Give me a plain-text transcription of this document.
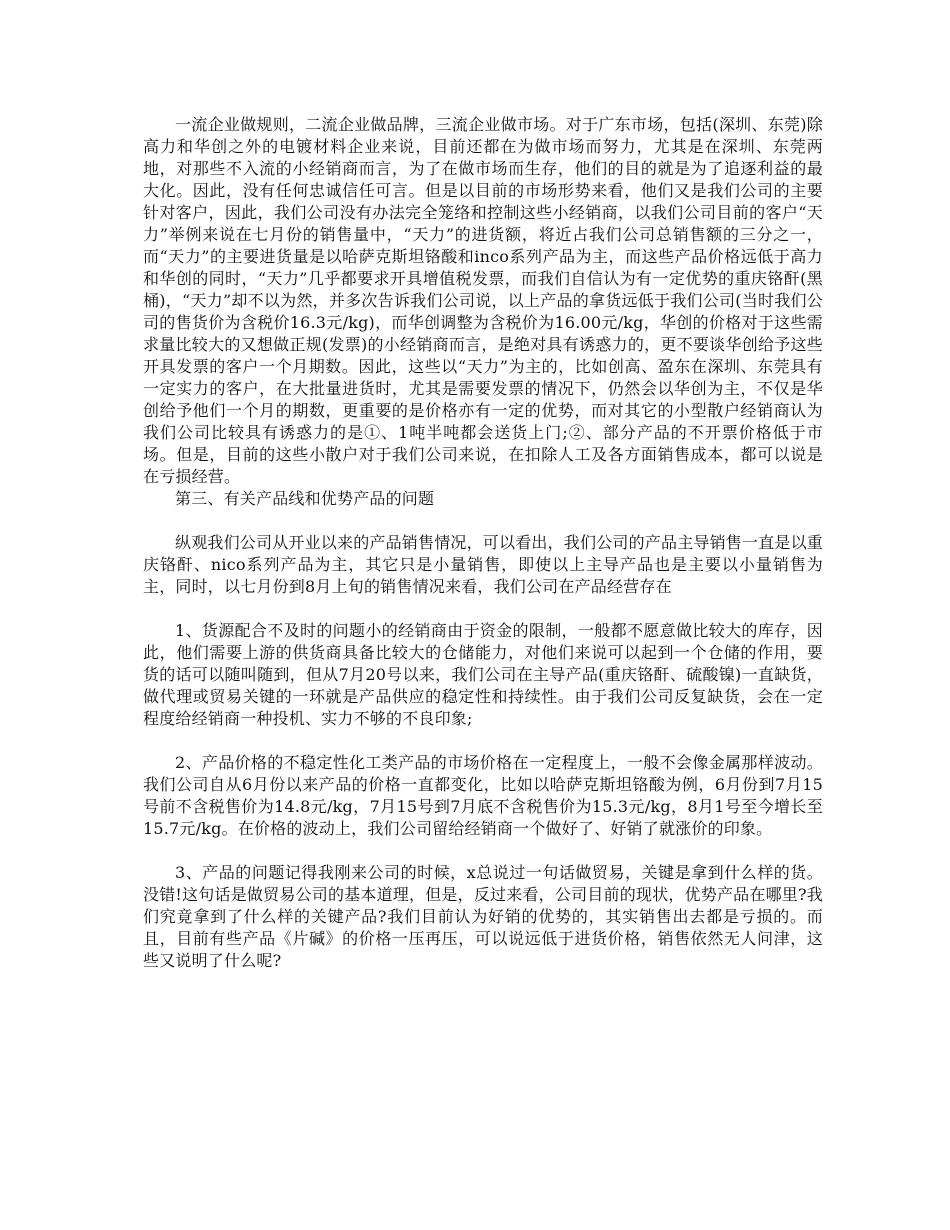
一流企业做规则，二流企业做品牌，三流企业做市场。对于广东市场，包括(深圳、东莞)除高力和华创之外的电镀材料企业来说，目前还都在为做市场而努力，尤其是在深圳、东莞两地，对那些不入流的小经销商而言，为了在做市场而生存，他们的目的就是为了追逐利益的最大化。因此，没有任何忠诚信任可言。但是以目前的市场形势来看，他们又是我们公司的主要针对客户，因此，我们公司没有办法完全笼络和控制这些小经销商，以我们公司目前的客户“天力”举例来说在七月份的销售量中，“天力”的进货额，将近占我们公司总销售额的三分之一，而“天力”的主要进货量是以哈萨克斯坦铬酸和inco系列产品为主，而这些产品价格远低于高力和华创的同时，“天力”几乎都要求开具增值税发票，而我们自信认为有一定优势的重庆铬酐(黑桶)，“天力”却不以为然，并多次告诉我们公司说，以上产品的拿货远低于我们公司(当时我们公司的售货价为含税价16.3元/kg)，而华创调整为含税价为16.00元/kg，华创的价格对于这些需求量比较大的又想做正规(发票)的小经销商而言，是绝对具有诱惑力的，更不要谈华创给予这些开具发票的客户一个月期数。因此，这些以“天力”为主的，比如创高、盈东在深圳、东莞具有一定实力的客户，在大批量进货时，尤其是需要发票的情况下，仍然会以华创为主，不仅是华创给予他们一个月的期数，更重要的是价格亦有一定的优势，而对其它的小型散户经销商认为我们公司比较具有诱惑力的是①、1吨半吨都会送货上门;②、部分产品的不开票价格低于市场。但是，目前的这些小散户对于我们公司来说，在扣除人工及各方面销售成本，都可以说是在亏损经营。

第三、有关产品线和优势产品的问题

纵观我们公司从开业以来的产品销售情况，可以看出，我们公司的产品主导销售一直是以重庆铬酐、nico系列产品为主，其它只是小量销售，即使以上主导产品也是主要以小量销售为主，同时，以七月份到8月上旬的销售情况来看，我们公司在产品经营存在

1、货源配合不及时的问题小的经销商由于资金的限制，一般都不愿意做比较大的库存，因此，他们需要上游的供货商具备比较大的仓储能力，对他们来说可以起到一个仓储的作用，要货的话可以随叫随到，但从7月20号以来，我们公司在主导产品(重庆铬酐、硫酸镍)一直缺货，做代理或贸易关键的一环就是产品供应的稳定性和持续性。由于我们公司反复缺货，会在一定程度给经销商一种投机、实力不够的不良印象;

2、产品价格的不稳定性化工类产品的市场价格在一定程度上，一般不会像金属那样波动。我们公司自从6月份以来产品的价格一直都变化，比如以哈萨克斯坦铬酸为例，6月份到7月15号前不含税售价为14.8元/kg，7月15号到7月底不含税售价为15.3元/kg，8月1号至今增长至15.7元/kg。在价格的波动上，我们公司留给经销商一个做好了、好销了就涨价的印象。

3、产品的问题记得我刚来公司的时候，x总说过一句话做贸易，关键是拿到什么样的货。没错!这句话是做贸易公司的基本道理，但是，反过来看，公司目前的现状，优势产品在哪里?我们究竟拿到了什么样的关键产品?我们目前认为好销的优势的，其实销售出去都是亏损的。而且，目前有些产品《片碱》的价格一压再压，可以说远低于进货价格，销售依然无人问津，这些又说明了什么呢?
